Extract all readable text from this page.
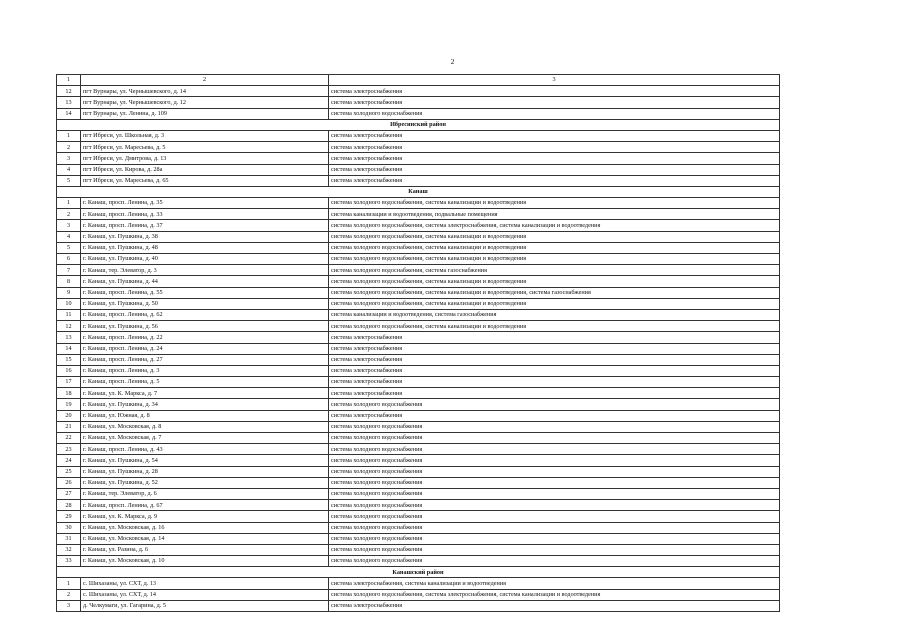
2
1	2	3
12	пгт Вурнары, ул. Чернышевского, д. 14	система электроснабжения
13	пгт Вурнары, ул. Чернышевского, д. 12	система электроснабжения
14	пгт Вурнары, ул. Ленина, д. 109	система холодного водоснабжения
Ибресинский район		
1	пгт Ибреси, ул. Школьная, д. 3	система электроснабжения
2	пгт Ибреси, ул. Маресьева, д. 5	система электроснабжения
3	пгт Ибреси, ул. Дмитрова, д. 13	система электроснабжения
4	пгт Ибреси, ул. Кирова, д. 28а	система электроснабжения
5	пгт Ибреси, ул. Маресьева, д. 65	система электроснабжения
Канаш		
1	г. Канаш, просп. Ленина, д. 35	система холодного водоснабжения, система канализации и водоотведения
2	г. Канаш, просп. Ленина, д. 33	система канализации и водоотведения, подвальные помещения
3	г. Канаш, просп. Ленина, д. 37	система холодного водоснабжения, система электроснабжения, система канализации и водоотведения
4	г. Канаш, ул. Пушкина, д. 38	система холодного водоснабжения, система канализации и водоотведения
5	г. Канаш, ул. Пушкина, д. 48	система холодного водоснабжения, система канализации и водоотведения
6	г. Канаш, ул. Пушкина, д. 40	система холодного водоснабжения, система канализации и водоотведения
7	г. Канаш, тер. Элеватор, д. 3	система холодного водоснабжения, система газоснабжения
8	г. Канаш, ул. Пушкина, д. 44	система холодного водоснабжения, система канализации и водоотведения
9	г. Канаш, просп. Ленина, д. 55	система холодного водоснабжения, система канализации и водоотведения, система газоснабжения
10	г. Канаш, ул. Пушкина, д. 50	система холодного водоснабжения, система канализации и водоотведения
11	г. Канаш, просп. Ленина, д. 62	система канализации и водоотведения, система газоснабжения
12	г. Канаш, ул. Пушкина, д. 56	система холодного водоснабжения, система канализации и водоотведения
13	г. Канаш, просп. Ленина, д. 22	система электроснабжения
14	г. Канаш, просп. Ленина, д. 24	система электроснабжения
15	г. Канаш, просп. Ленина, д. 27	система электроснабжения
16	г. Канаш, просп. Ленина, д. 3	система электроснабжения
17	г. Канаш, просп. Ленина, д. 5	система электроснабжения
18	г. Канаш, ул. К. Маркса, д. 7	система электроснабжения
19	г. Канаш, ул. Пушкина, д. 34	система холодного водоснабжения
20	г. Канаш, ул. Южная, д. 8	система электроснабжения
21	г. Канаш, ул. Московская, д. 8	система холодного водоснабжения
22	г. Канаш, ул. Московская, д. 7	система холодного водоснабжения
23	г. Канаш, просп. Ленина, д. 43	система холодного водоснабжения
24	г. Канаш, ул. Пушкина, д. 54	система холодного водоснабжения
25	г. Канаш, ул. Пушкина, д. 28	система холодного водоснабжения
26	г. Канаш, ул. Пушкина, д. 52	система холодного водоснабжения
27	г. Канаш, тер. Элеватор, д. 6	система холодного водоснабжения
28	г. Канаш, просп. Ленина, д. 67	система холодного водоснабжения
29	г. Канаш, ул. К. Маркса, д. 9	система холодного водоснабжения
30	г. Канаш, ул. Московская, д. 16	система холодного водоснабжения
31	г. Канаш, ул. Московская, д. 14	система холодного водоснабжения
32	г. Канаш, ул. Разина, д. 6	система холодного водоснабжения
33	г. Канаш, ул. Московская, д. 10	система холодного водоснабжения
Канашский район		
1	с. Шихазаны, ул. СХТ, д. 13	система электроснабжения, система канализации и водоотведения
2	с. Шихазаны, ул. СХТ, д. 14	система холодного водоснабжения, система электроснабжения, система канализации и водоотведения
3	д. Челкумаги, ул. Гагарина, д. 5	система электроснабжения
